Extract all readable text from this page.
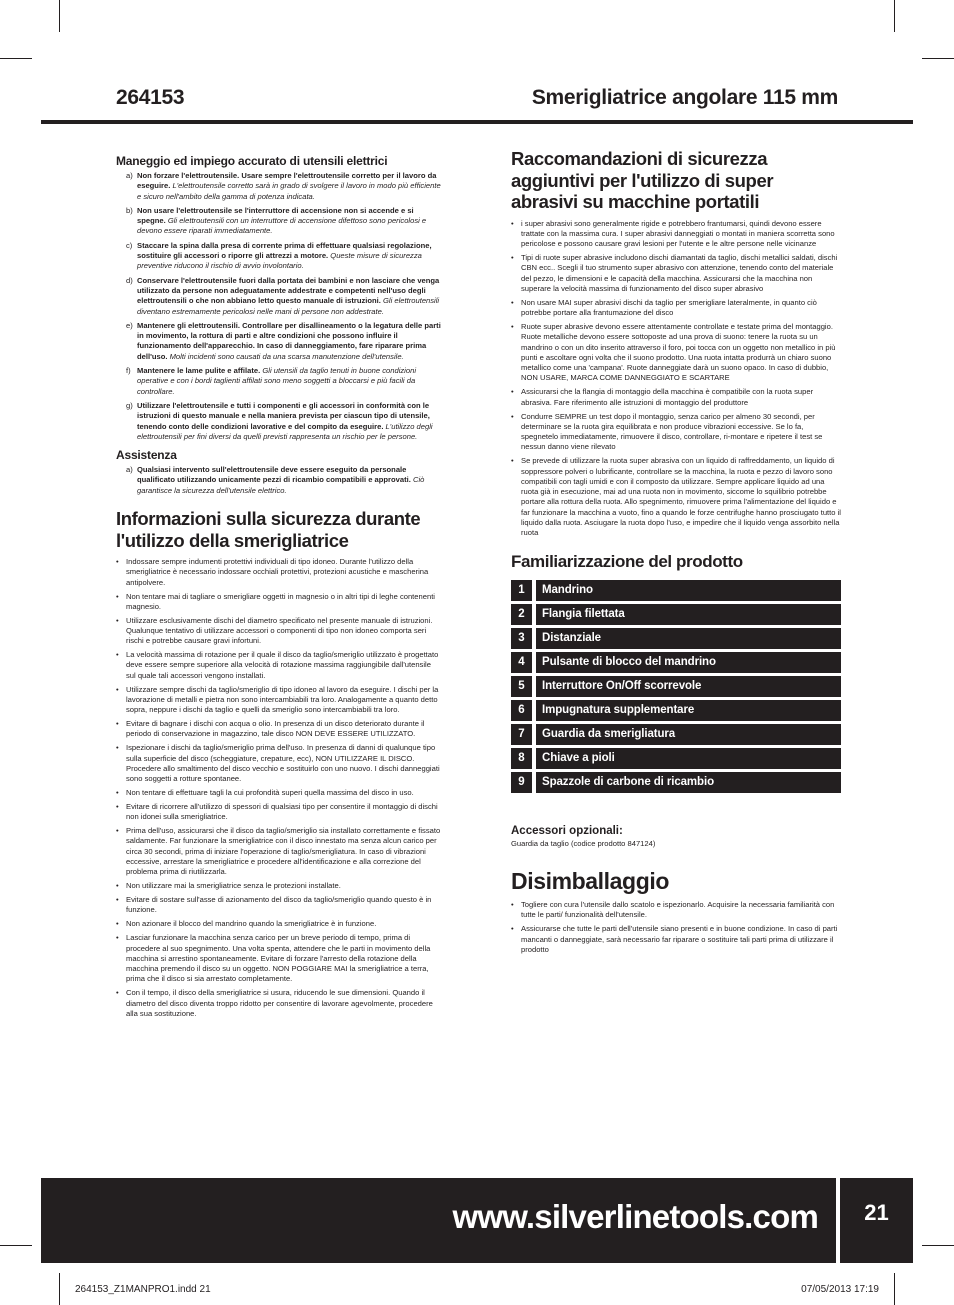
264153	Smerigliatrice angolare 115 mm
Maneggio ed impiego accurato di utensili elettrici
a) Non forzare l'elettroutensile. Usare sempre l'elettroutensile corretto per il lavoro da eseguire. L'elettroutensile corretto sarà in grado di svolgere il lavoro in modo più efficiente e sicuro nell'ambito della gamma di potenza indicata.
b) Non usare l'elettroutensile se l'interruttore di accensione non si accende e si spegne. Gli elettroutensili con un interruttore di accensione difettoso sono pericolosi e devono essere riparati immediatamente.
c) Staccare la spina dalla presa di corrente prima di effettuare qualsiasi regolazione, sostituire gli accessori o riporre gli attrezzi a motore. Queste misure di sicurezza preventive riducono il rischio di avvio involontario.
d) Conservare l'elettroutensile fuori dalla portata dei bambini e non lasciare che venga utilizzato da persone non adeguatamente addestrate e competenti nell'uso degli elettroutensili o che non abbiano letto questo manuale di istruzioni. Gli elettroutensili diventano estremamente pericolosi nelle mani di persone non addestrate.
e) Mantenere gli elettroutensili. Controllare per disallineamento o la legatura delle parti in movimento, la rottura di parti e altre condizioni che possono influire il funzionamento dell'apparecchio. In caso di danneggiamento, fare riparare prima dell'uso. Molti incidenti sono causati da una scarsa manutenzione dell'utensile.
f) Mantenere le lame pulite e affilate. Gli utensili da taglio tenuti in buone condizioni operative e con i bordi taglienti affilati sono meno soggetti a bloccarsi e più facili da controllare.
g) Utilizzare l'elettroutensile e tutti i componenti e gli accessori in conformità con le istruzioni di questo manuale e nella maniera prevista per ciascun tipo di utensile, tenendo conto delle condizioni lavorative e del compito da eseguire. L'utilizzo degli elettroutensili per fini diversi da quelli previsti rappresenta un rischio per le persone.
Assistenza
a) Qualsiasi intervento sull'elettroutensile deve essere eseguito da personale qualificato utilizzando unicamente pezzi di ricambio compatibili e approvati. Ciò garantisce la sicurezza dell'utensile elettrico.
Informazioni sulla sicurezza durante l'utilizzo della smerigliatrice
• Indossare sempre indumenti protettivi individuali di tipo idoneo. Durante l'utilizzo della smerigliatrice è necessario indossare occhiali protettivi, protezioni acustiche e mascherina antipolvere.
• Non tentare mai di tagliare o smerigliare oggetti in magnesio o in altri tipi di leghe contenenti magnesio.
• Utilizzare esclusivamente dischi del diametro specificato nel presente manuale di istruzioni. Qualunque tentativo di utilizzare accessori o componenti di tipo non idoneo comporta seri rischi e potrebbe causare gravi infortuni.
• La velocità massima di rotazione per il quale il disco da taglio/smeriglio utilizzato è progettato deve essere sempre superiore alla velocità di rotazione massima raggiungibile dall'utensile sul quale tali accessori vengono installati.
• Utilizzare sempre dischi da taglio/smeriglio di tipo idoneo al lavoro da eseguire. I dischi per la lavorazione di metalli e pietra non sono intercambiabili tra loro. Analogamente a quanto detto sopra, neppure i dischi da taglio e quelli da smeriglio sono intercambiabili tra loro.
• Evitare di bagnare i dischi con acqua o olio. In presenza di un disco deteriorato durante il periodo di conservazione in magazzino, tale disco NON DEVE ESSERE UTILIZZATO.
• Ispezionare i dischi da taglio/smeriglio prima dell'uso. In presenza di danni di qualunque tipo sulla superficie del disco (scheggiature, crepature, ecc), NON UTILIZZARE IL DISCO. Procedere allo smaltimento del disco vecchio e sostituirlo con uno nuovo. I dischi danneggiati sono soggetti a rotture spontanee.
• Non tentare di effettuare tagli la cui profondità superi quella massima del disco in uso.
• Evitare di ricorrere all'utilizzo di spessori di qualsiasi tipo per consentire il montaggio di dischi non idonei sulla smerigliatrice.
• Prima dell'uso, assicurarsi che il disco da taglio/smeriglio sia installato correttamente e fissato saldamente. Far funzionare la smerigliatrice con il disco innestato ma senza alcun carico per circa 30 secondi, prima di iniziare l'operazione di taglio/smerigliatura. In caso di vibrazioni eccessive, arrestare la smerigliatrice e procedere all'identificazione e alla correzione del problema prima di riutilizzarla.
• Non utilizzare mai la smerigliatrice senza le protezioni installate.
• Evitare di sostare sull'asse di azionamento del disco da taglio/smeriglio quando questo è in funzione.
• Non azionare il blocco del mandrino quando la smerigliatrice è in funzione.
• Lasciar funzionare la macchina senza carico per un breve periodo di tempo, prima di procedere al suo spegnimento. Una volta spenta, attendere che le parti in movimento della macchina si arrestino spontaneamente. Evitare di forzare l'arresto della rotazione della macchina premendo il disco su un oggetto. NON POGGIARE MAI la smerigliatrice a terra, prima che il disco si sia arrestato completamente.
• Con il tempo, il disco della smerigliatrice si usura, riducendo le sue dimensioni. Quando il diametro del disco diventa troppo ridotto per consentire di lavorare agevolmente, procedere alla sua sostituzione.
Raccomandazioni di sicurezza aggiuntivi per l'utilizzo di super abrasivi su macchine portatili
• i super abrasivi sono generalmente rigide e potrebbero frantumarsi, quindi devono essere trattate con la massima cura. I super abrasivi danneggiati o montati in maniera scorretta sono pericolose e possono causare gravi lesioni per l'utente e le altre persone nelle vicinanze
• Tipi di ruote super abrasive includono dischi diamantati da taglio, dischi metallici saldati, dischi CBN ecc.. Scegli il tuo strumento super abrasivo con attenzione, tenendo conto del materiale del pezzo, le dimensioni e le capacità della macchina. Assicurarsi che la macchina non superare la velocità massima di funzionamento del disco super abrasivo
• Non usare MAI super abrasivi dischi da taglio per smerigliare lateralmente, in quanto ciò potrebbe portare alla frantumazione del disco
• Ruote super abrasive devono essere attentamente controllate e testate prima del montaggio. Ruote metalliche devono essere sottoposte ad una prova di suono: tenere la ruota su un mandrino o con un dito inserito attraverso il foro, poi tocca con un oggetto non metallico in più punti e ascoltare ogni volta che il suono prodotto. Una ruota intatta produrrà un chiaro suono metallico come una 'campana'. Ruote danneggiate darà un suono opaco. In caso di dubbio, NON USARE, MARCA COME DANNEGGIATO E SCARTARE
• Assicurarsi che la flangia di montaggio della macchina è compatibile con la ruota super abrasiva. Fare riferimento alle istruzioni di montaggio del produttore
• Condurre SEMPRE un test dopo il montaggio, senza carico per almeno 30 secondi, per determinare se la ruota gira equilibrata e non produce vibrazioni eccessive. Se lo fa, spegnetelo immediatamente, rimuovere il disco, controllare, ri-montare e ripetere il test se nessun danno viene rilevato
• Se prevede di utilizzare la ruota super abrasiva con un liquido di raffreddamento, un liquido di soppressore polveri o lubrificante, controllare se la macchina, la ruota e pezzo di lavoro sono compatibili con tagli umidi e con il composto da utilizzare. Sempre applicare liquido ad una ruota già in esecuzione, mai ad una ruota non in movimento, siccome lo squilibrio potrebbe portare alla rottura della ruota. Allo spegnimento, rimuovere prima l'alimentazione del liquido e far funzionare la macchina a vuoto, fino a quando le forze centrifughe hanno prosciugato tutto il liquido dalla ruota. Asciugare la ruota dopo l'uso, e impedire che il liquido venga assorbito nella ruota
Familiarizzazione del prodotto
1	Mandrino
2	Flangia filettata
3	Distanziale
4	Pulsante di blocco del mandrino
5	Interruttore On/Off scorrevole
6	Impugnatura supplementare
7	Guardia da smerigliatura
8	Chiave a pioli
9	Spazzole di carbone di ricambio
Accessori opzionali:
Guardia da taglio (codice prodotto 847124)
Disimballaggio
• Togliere con cura l'utensile dallo scatolo e ispezionarlo. Acquisire la necessaria familiarità con tutte le parti/ funzionalità dell'utensile.
• Assicurarse che tutte le parti dell'utensile siano presenti e in buone condizione. In caso di parti mancanti o danneggiate, sarà necessario far riparare o sostituire tali parti prima di utilizzare il prodotto
www.silverlinetools.com	21
264153_Z1MANPRO1.indd 21	07/05/2013 17:19
